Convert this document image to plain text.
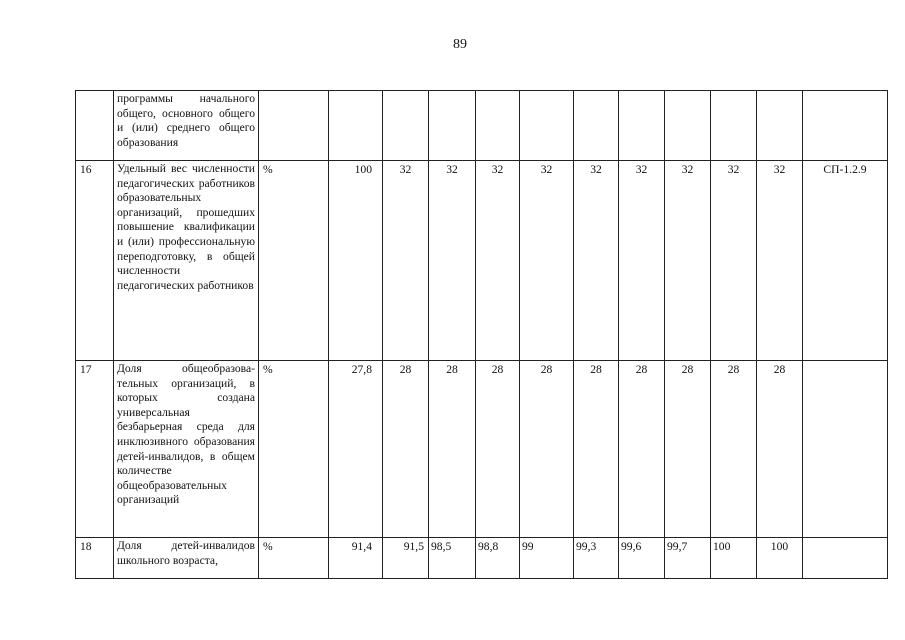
89
	программы начального общего, основного общего и (или) среднего общего образования												
16	Удельный вес численности педагогических работников образовательных организаций, прошедших повышение квалификации и (или) профессиональную переподготовку, в общей численности педагогических работников	%	100	32	32	32	32	32	32	32	32	32	СП-1.2.9
17	Доля общеобразова-тельных организаций, в которых создана универсальная безбарьерная среда для инклюзивного образования детей-инвалидов, в общем количестве общеобразовательных организаций	%	27,8	28	28	28	28	28	28	28	28	28	
18	Доля детей-инвалидов школьного возраста,	%	91,4	91,5	98,5	98,8	99	99,3	99,6	99,7	100	100	
